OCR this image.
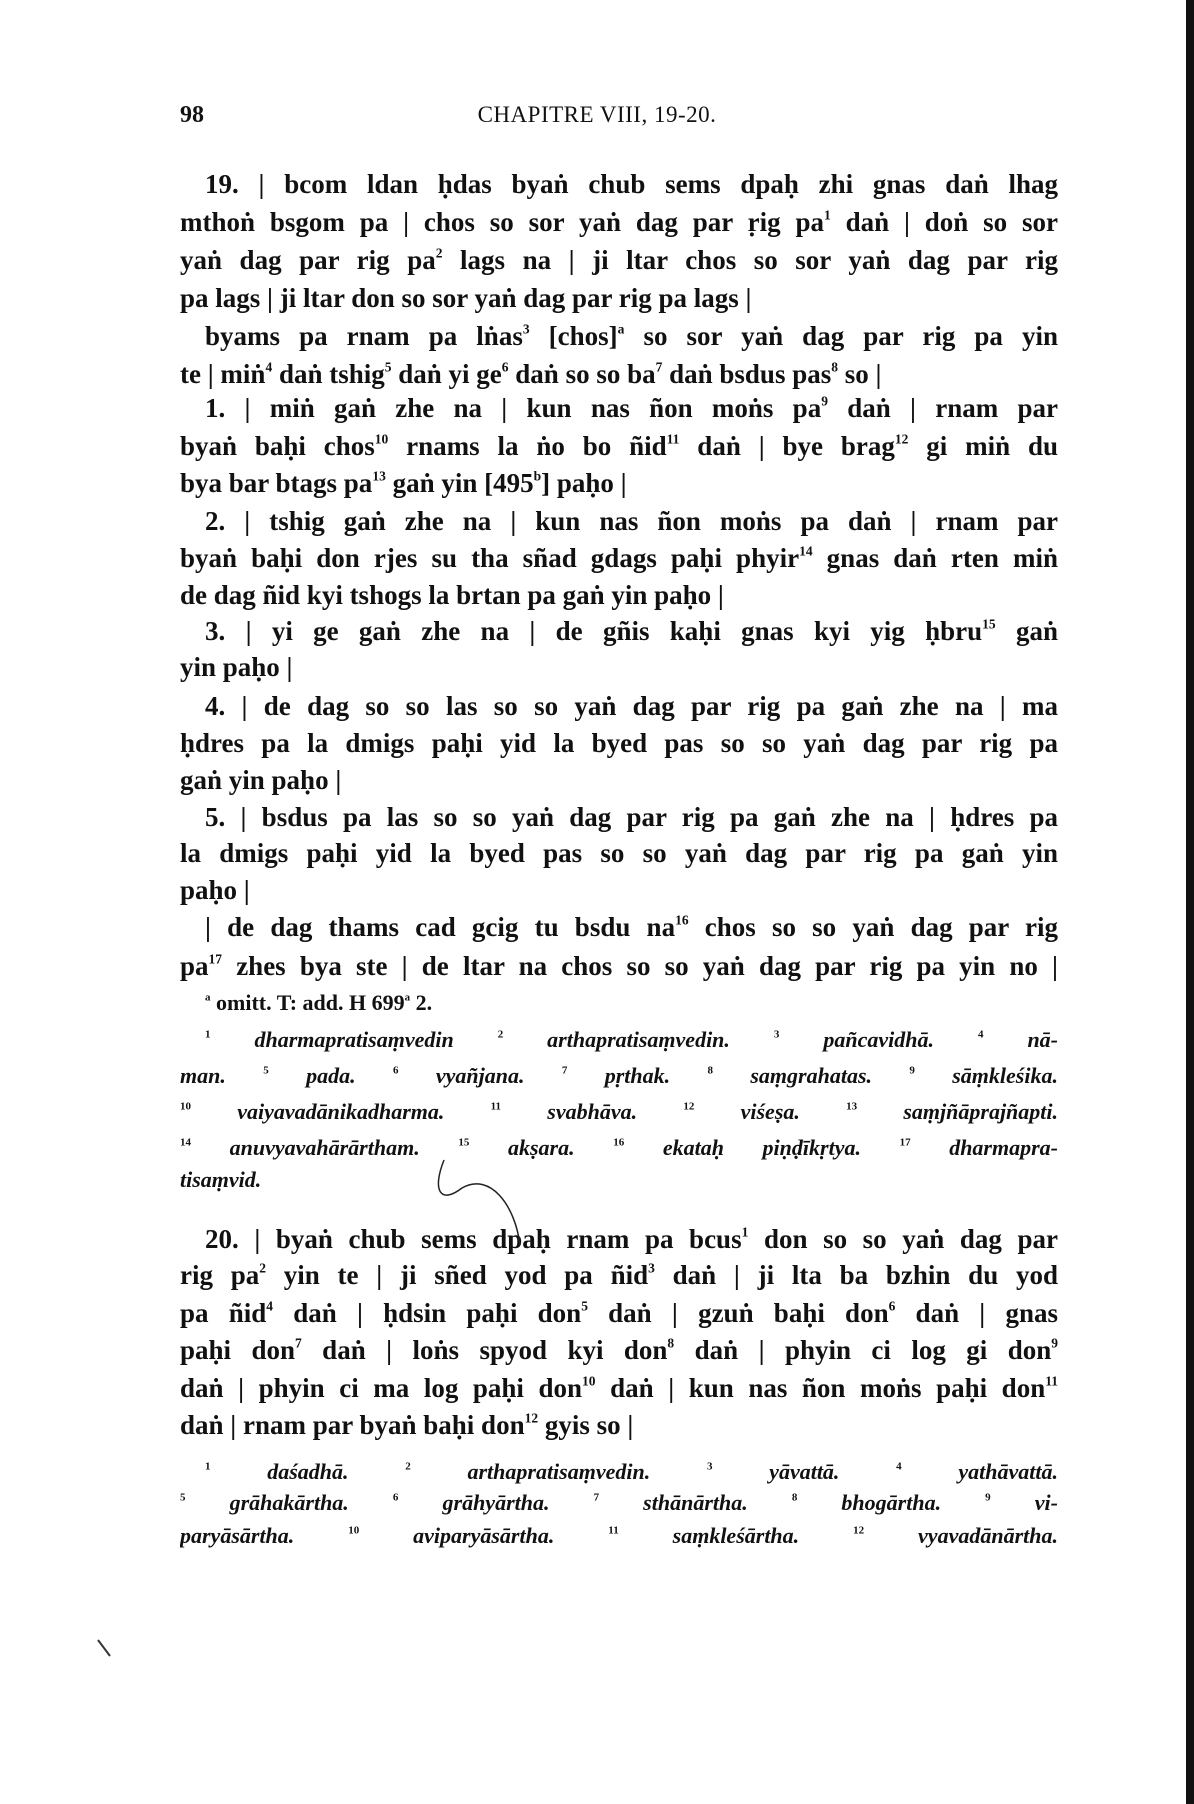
98	CHAPITRE VIII, 19-20.
19. | bcom ldan ḥdas byaṅ chub sems dpaḥ zhi gnas daṅ lhag
mthoṅ bsgom pa | chos so sor yaṅ dag par ṛig $pa^1$ daṅ | doṅ so sor
yaṅ dag par rig $pa^2$ lags na | ji ltar chos so sor yaṅ dag par rig
pa lags | ji ltar don so sor yaṅ dag par rig pa lags |
byams pa rnam pa lṅas$^3$ [chos]$^a$ so sor yaṅ dag par rig pa yin
te | miṅ$^4$ daṅ tshig$^5$ daṅ yi $ge^6$ daṅ so so $ba^7$ daṅ bsdus pas$^8$ so |
1. | miṅ gaṅ zhe na | kun nas ñon moṅs $pa^9$ daṅ | rnam par
byaṅ baḥi chos$^{10}$ rnams la ṅo bo ñid$^{11}$ daṅ | bye brag$^{12}$ gi miṅ du
bya bar btags $pa^{13}$ gaṅ yin [495$^b$] paḥo |
2. | tshig gaṅ zhe na | kun nas ñon moṅs pa daṅ | rnam par
byaṅ baḥi don rjes su tha sñad gdags paḥi phyir$^{14}$ gnas daṅ rten miṅ
de dag ñid kyi tshogs la brtan pa gaṅ yin paḥo |
3. | yi ge gaṅ zhe na | de gñis kaḥi gnas kyi yig ḥbru$^{15}$ gaṅ
yin paḥo |
4. | de dag so so las so so yaṅ dag par rig pa gaṅ zhe na | ma
ḥdres pa la dmigs paḥi yid la byed pas so so yaṅ dag par rig pa
gaṅ yin paḥo |
5. | bsdus pa las so so yaṅ dag par rig pa gaṅ zhe na | ḥdres pa
la dmigs paḥi yid la byed pas so so yaṅ dag par rig pa gaṅ yin
paḥo |
| de dag thams cad gcig tu bsdu $na^{16}$ chos so so yaṅ dag par rig
$pa^{17}$ zhes bya ste | de ltar na chos so so yaṅ dag par rig pa yin no |
$^a$ omitt. T: add. H 699$^a$ 2.
$^1$ dharmapratisaṃvedin $^2$ arthapratisaṃvedin. $^3$ pañcavidhā. $^4$ nā-
man. $^5$ pada. $^6$ vyañjana. $^7$ pṛthak. $^8$ saṃgrahatas. $^9$ sāṃkleśika.
$^{10}$ vaiyavadānikadharma. $^{11}$ svabhāva. $^{12}$ viśeṣa. $^{13}$ saṃjñāprajñapti.
$^{14}$ anuvyavahārārtham. $^{15}$ akṣara. $^{16}$ ekataḥ piṇḍīkṛtya. $^{17}$ dharmapra-
tisaṃvid.
20. | byaṅ chub sems dpaḥ rnam pa bcus$^1$ don so so yaṅ dag par
rig $pa^2$ yin te | ji sñed yod pa ñid$^3$ daṅ | ji lta ba bzhin du yod
pa ñid$^4$ daṅ | ḥdsin paḥi don$^5$ daṅ | gzuṅ baḥi don$^6$ daṅ | gnas
paḥi don$^7$ daṅ | loṅs spyod kyi don$^8$ daṅ | phyin ci log gi don$^9$
daṅ | phyin ci ma log paḥi don$^{10}$ daṅ | kun nas ñon moṅs paḥi don$^{11}$
daṅ | rnam par byaṅ baḥi don$^{12}$ gyis so |
$^1$ daśadhā. $^2$ arthapratisaṃvedin. $^3$ yāvattā. $^4$ yathāvattā.
$^5$ grāhakārtha. $^6$ grāhyārtha. $^7$ sthānārtha. $^8$ bhogārtha. $^9$ vi-
paryāsārtha. $^{10}$ aviparyāsārtha. $^{11}$ saṃkleśārtha. $^{12}$ vyavadānārtha.
